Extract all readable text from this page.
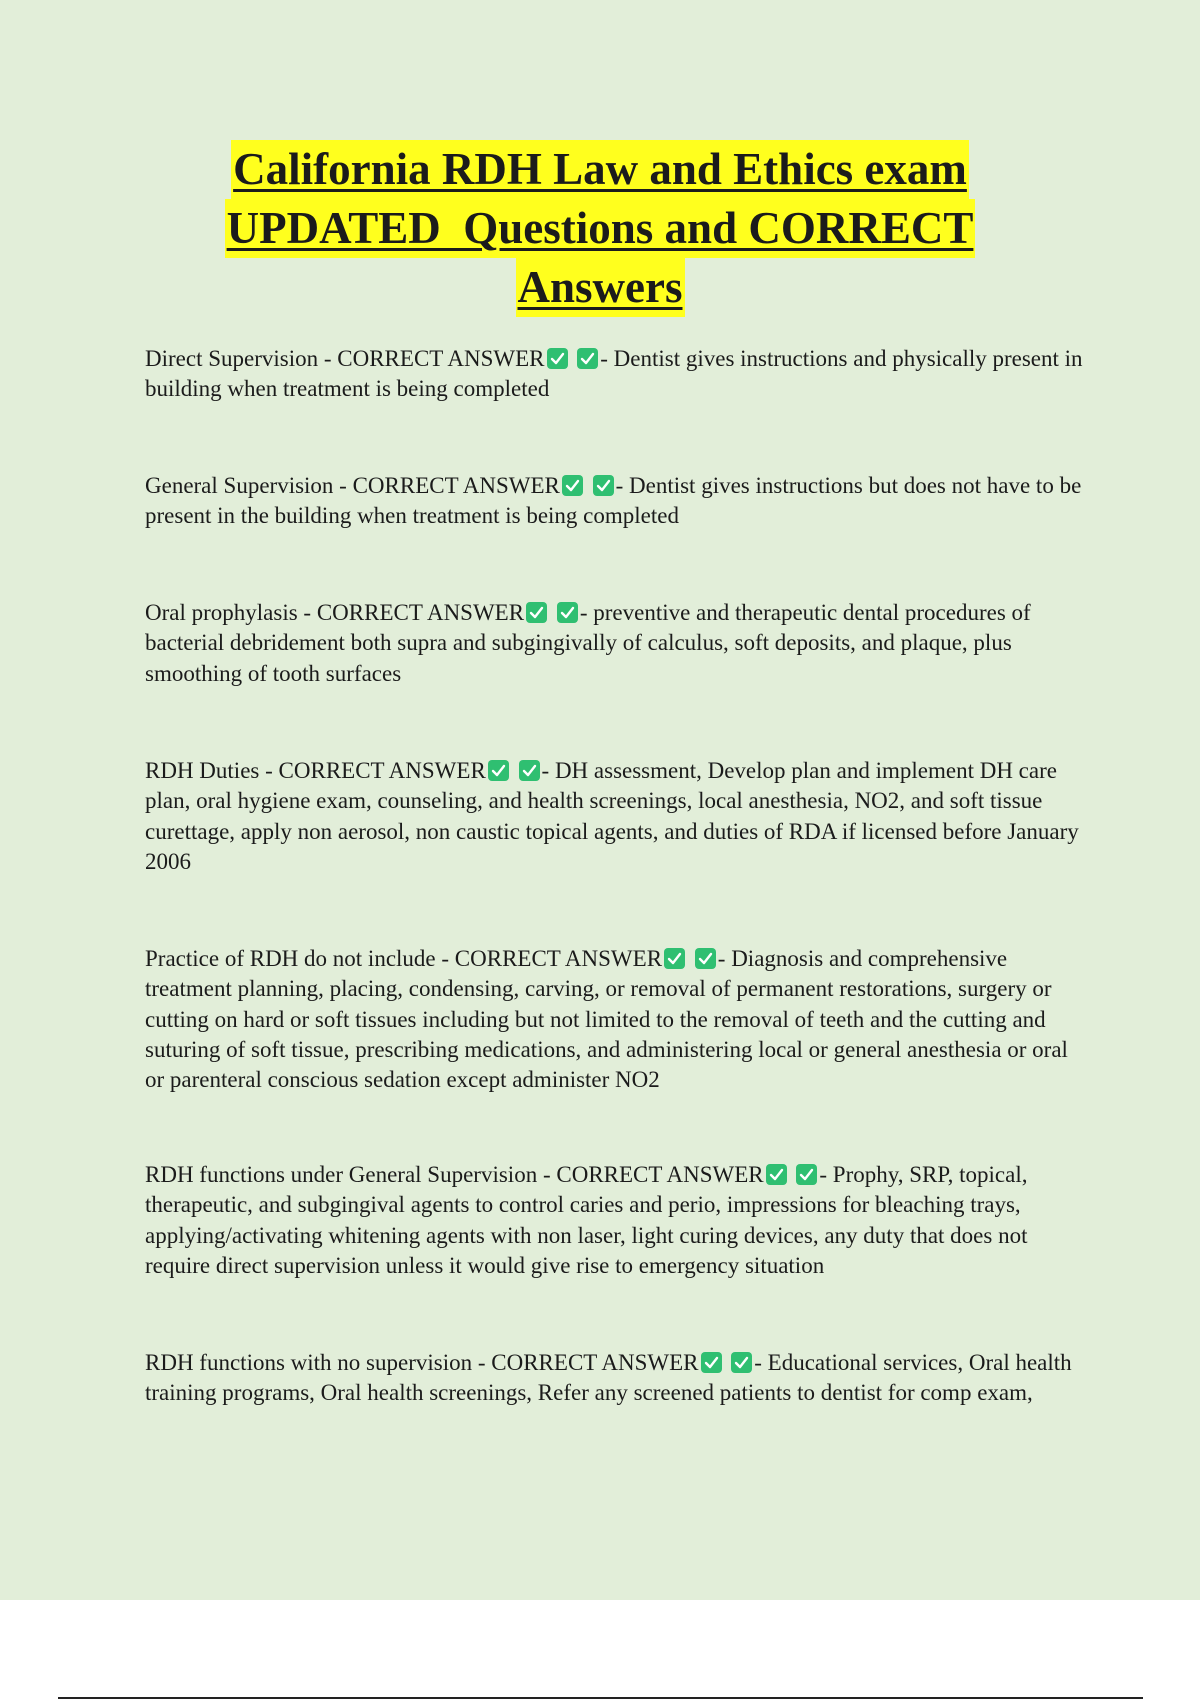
California RDH Law and Ethics exam
UPDATED  Questions and CORRECT
Answers

Direct Supervision - CORRECT ANSWER
- Dentist gives instructions and physically present in building when treatment is being completed

General Supervision - CORRECT ANSWER
- Dentist gives instructions but does not have to be present in the building when treatment is being completed

Oral prophylasis - CORRECT ANSWER
- preventive and therapeutic dental procedures of bacterial debridement both supra and subgingivally of calculus, soft deposits, and plaque, plus smoothing of tooth surfaces

RDH Duties - CORRECT ANSWER
- DH assessment, Develop plan and implement DH care plan, oral hygiene exam, counseling, and health screenings, local anesthesia, NO2, and soft tissue curettage, apply non aerosol, non caustic topical agents, and duties of RDA if licensed before January 2006

Practice of RDH do not include - CORRECT ANSWER
- Diagnosis and comprehensive treatment planning, placing, condensing, carving, or removal of permanent restorations, surgery or cutting on hard or soft tissues including but not limited to the removal of teeth and the cutting and suturing of soft tissue, prescribing medications, and administering local or general anesthesia or oral or parenteral conscious sedation except administer NO2

RDH functions under General Supervision - CORRECT ANSWER
- Prophy, SRP, topical, therapeutic, and subgingival agents to control caries and perio, impressions for bleaching trays, applying/activating whitening agents with non laser, light curing devices, any duty that does not require direct supervision unless it would give rise to emergency situation

RDH functions with no supervision - CORRECT ANSWER
- Educational services, Oral health training programs, Oral health screenings, Refer any screened patients to dentist for comp exam,
